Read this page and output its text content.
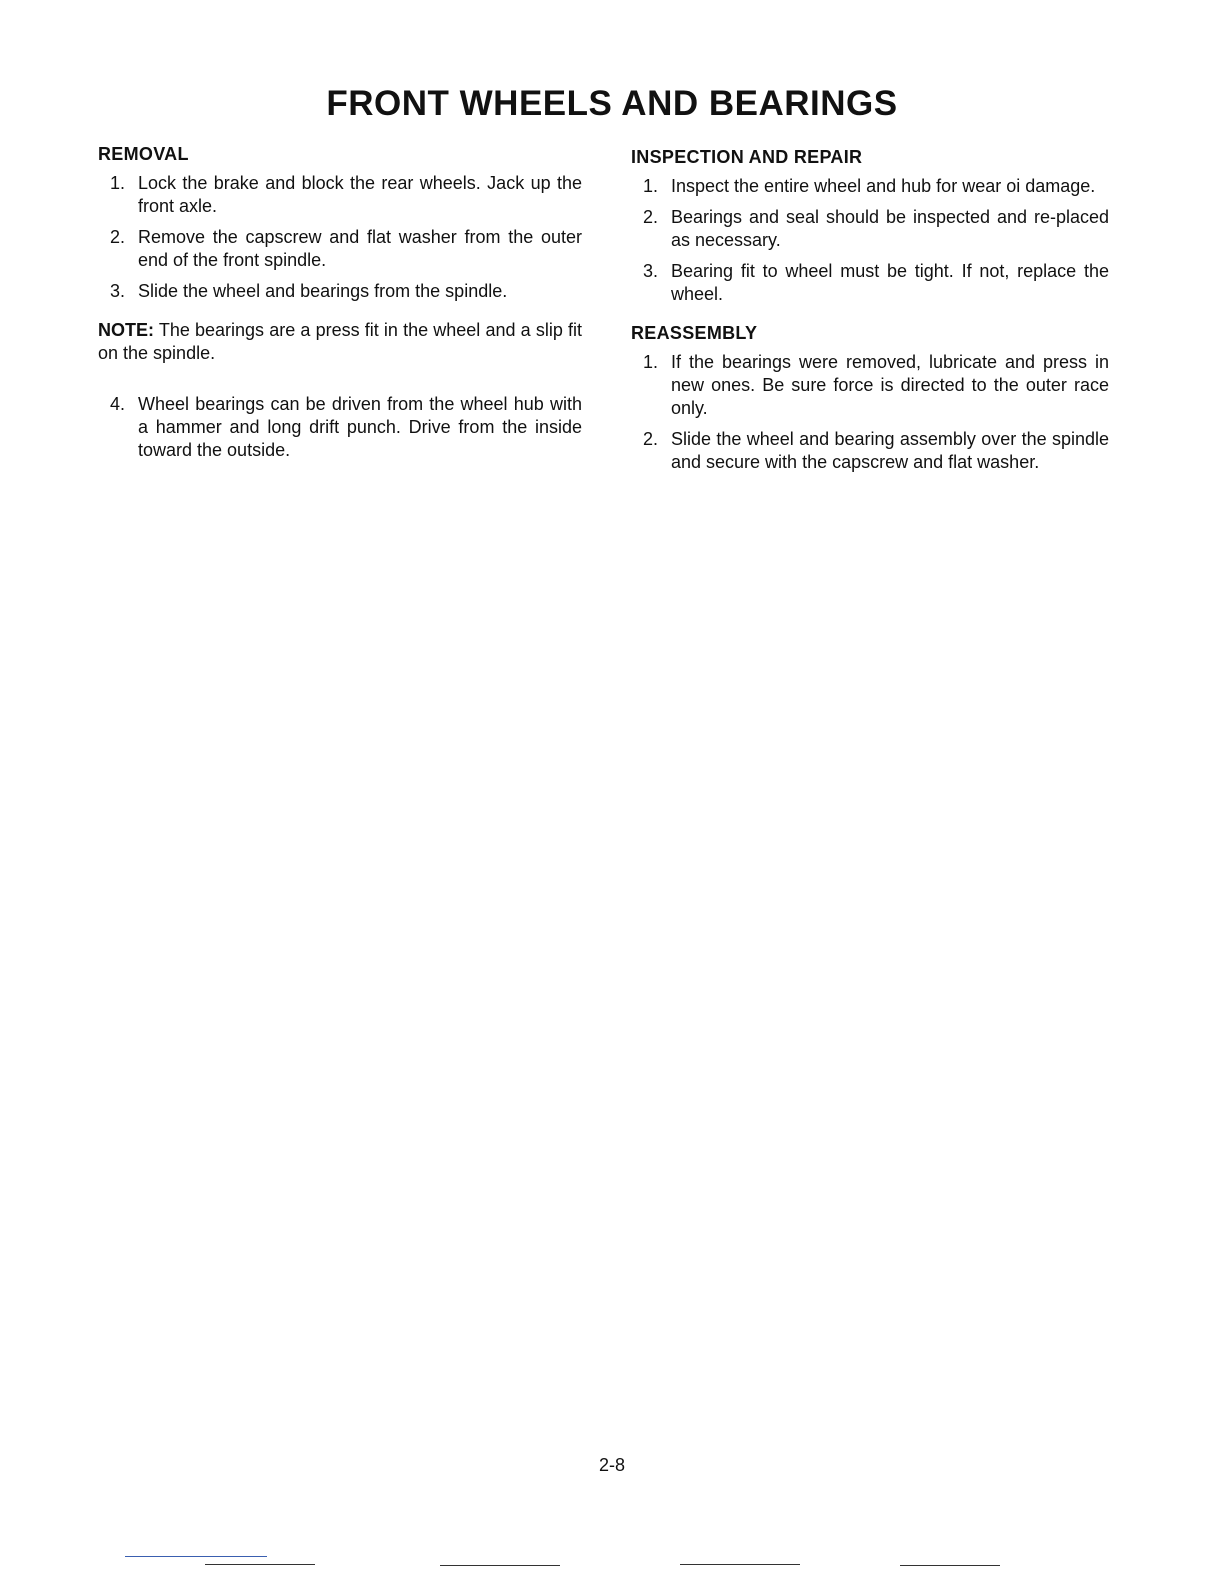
FRONT WHEELS AND BEARINGS
REMOVAL
1. Lock the brake and block the rear wheels. Jack up the front axle.
2. Remove the capscrew and flat washer from the outer end of the front spindle.
3. Slide the wheel and bearings from the spindle.

NOTE: The bearings are a press fit in the wheel and a slip fit on the spindle.

4. Wheel bearings can be driven from the wheel hub with a hammer and long drift punch. Drive from the inside toward the outside.
INSPECTION AND REPAIR
1. Inspect the entire wheel and hub for wear oi damage.
2. Bearings and seal should be inspected and re-placed as necessary.
3. Bearing fit to wheel must be tight. If not, replace the wheel.
REASSEMBLY
1. If the bearings were removed, lubricate and press in new ones. Be sure force is directed to the outer race only.
2. Slide the wheel and bearing assembly over the spindle and secure with the capscrew and flat washer.
2-8
